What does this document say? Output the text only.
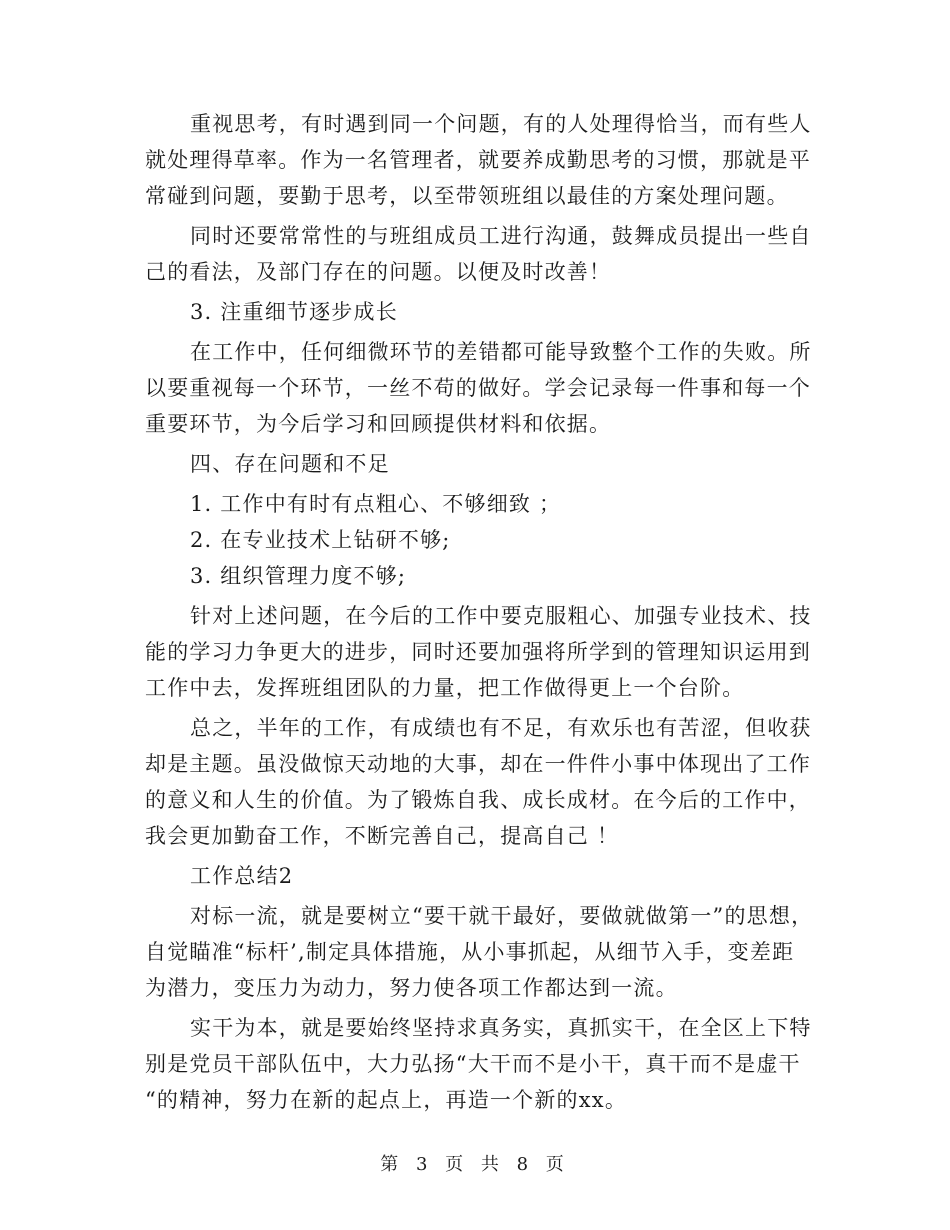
重视思考，有时遇到同一个问题，有的人处理得恰当，而有些人
就处理得草率。作为一名管理者，就要养成勤思考的习惯，那就是平
常碰到问题，要勤于思考，以至带领班组以最佳的方案处理问题。
同时还要常常性的与班组成员工进行沟通，鼓舞成员提出一些自
己的看法，及部门存在的问题。以便及时改善！
3. 注重细节逐步成长
在工作中，任何细微环节的差错都可能导致整个工作的失败。所
以要重视每一个环节，一丝不苟的做好。学会记录每一件事和每一个
重要环节，为今后学习和回顾提供材料和依据。
四、存在问题和不足
1. 工作中有时有点粗心、不够细致 ；
2. 在专业技术上钻研不够;
3. 组织管理力度不够;
针对上述问题，在今后的工作中要克服粗心、加强专业技术、技
能的学习力争更大的进步，同时还要加强将所学到的管理知识运用到
工作中去，发挥班组团队的力量，把工作做得更上一个台阶。
总之，半年的工作，有成绩也有不足，有欢乐也有苦涩，但收获
却是主题。虽没做惊天动地的大事，却在一件件小事中体现出了工作
的意义和人生的价值。为了锻炼自我、成长成材。在今后的工作中，
我会更加勤奋工作，不断完善自己，提高自己 ！
工作总结2
对标一流，就是要树立“要干就干最好，要做就做第一”的思想，
自觉瞄准“标杆’,制定具体措施，从小事抓起，从细节入手，变差距
为潜力，变压力为动力，努力使各项工作都达到一流。
实干为本，就是要始终坚持求真务实，真抓实干，在全区上下特
别是党员干部队伍中，大力弘扬“大干而不是小干，真干而不是虚干
“的精神，努力在新的起点上，再造一个新的xx。
第 3 页 共 8 页
